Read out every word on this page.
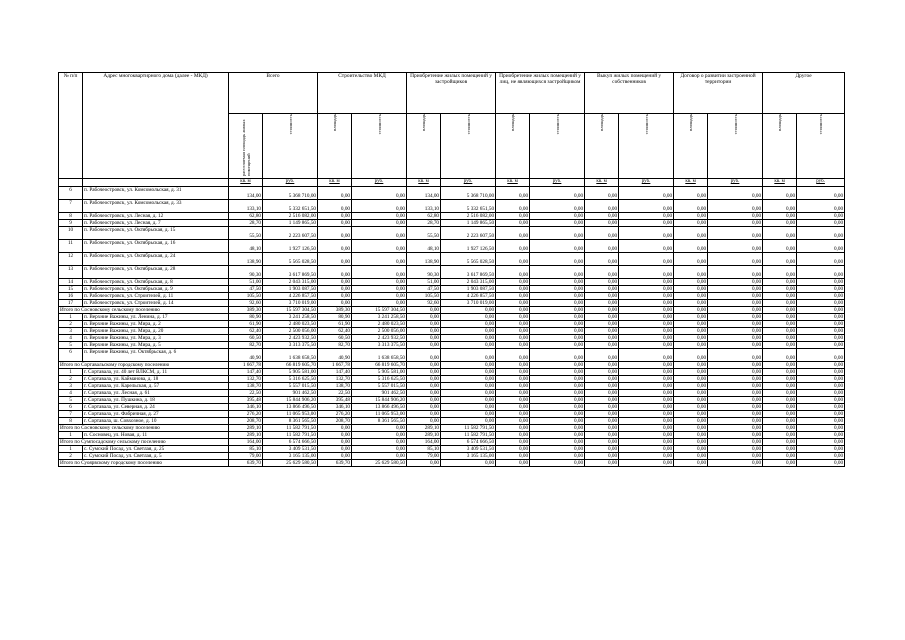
№ п/п	Адрес многоквартирного дома (далее - МКД)	Всего		Строительство МКД		Приобретение жилых помещений у застройщиков		Приобретение жилых помещений у лиц, не являющихся застройщиком		Выкуп жилых помещений у собственников		Договор о развитии застроенной территории		Другое	
		расселяемая площадь жилых помещений	стоимость	площадь	стоимость	площадь	стоимость	площадь	стоимость	площадь	стоимость	площадь	стоимость	площадь	стоимость
		кв. м	руб.	кв. м	руб.	кв. м	руб.	кв. м	руб.	кв. м	руб.	кв. м	руб.	кв. м	руб.
6	п. Рабочеостровск, ул. Комсомольская, д. 31	134,00	5 368 710,00	0,00	0,00	134,00	5 368 710,00	0,00	0,00	0,00	0,00	0,00	0,00	0,00	0,00
7	п. Рабочеостровск, ул. Комсомольская, д. 33	133,10	5 332 651,50	0,00	0,00	133,10	5 332 651,50	0,00	0,00	0,00	0,00	0,00	0,00	0,00	0,00
8	п. Рабочеостровск, ул. Лесная, д. 12	62,80	2 516 082,00	0,00	0,00	62,80	2 516 082,00	0,00	0,00	0,00	0,00	0,00	0,00	0,00	0,00
9	п. Рабочеостровск, ул. Лесная, д. 7	28,70	1 149 865,50	0,00	0,00	28,70	1 149 865,50	0,00	0,00	0,00	0,00	0,00	0,00	0,00	0,00
10	п. Рабочеостровск, ул. Октябрьская, д. 15	55,50	2 223 607,50	0,00	0,00	55,50	2 223 607,50	0,00	0,00	0,00	0,00	0,00	0,00	0,00	0,00
11	п. Рабочеостровск, ул. Октябрьская, д. 16	48,10	1 927 126,50	0,00	0,00	48,10	1 927 126,50	0,00	0,00	0,00	0,00	0,00	0,00	0,00	0,00
12	п. Рабочеостровск, ул. Октябрьская, д. 24	138,90	5 565 028,50	0,00	0,00	138,90	5 565 028,50	0,00	0,00	0,00	0,00	0,00	0,00	0,00	0,00
13	п. Рабочеостровск, ул. Октябрьская, д. 28	90,30	3 617 869,50	0,00	0,00	90,30	3 617 869,50	0,00	0,00	0,00	0,00	0,00	0,00	0,00	0,00
14	п. Рабочеостровск, ул. Октябрьская, д. 8	51,00	2 043 315,00	0,00	0,00	51,00	2 043 315,00	0,00	0,00	0,00	0,00	0,00	0,00	0,00	0,00
15	п. Рабочеостровск, ул. Октябрьская, д. 9	47,50	1 903 087,50	0,00	0,00	47,50	1 903 087,50	0,00	0,00	0,00	0,00	0,00	0,00	0,00	0,00
16	п. Рабочеостровск, ул. Строителей, д. 11	105,50	4 226 857,50	0,00	0,00	105,50	4 226 857,50	0,00	0,00	0,00	0,00	0,00	0,00	0,00	0,00
17	п. Рабочеостровск, ул. Строителей, д. 14	92,60	3 710 019,00	0,00	0,00	92,60	3 710 019,00	0,00	0,00	0,00	0,00	0,00	0,00	0,00	0,00
Итого по Сосновскому сельскому поселению		389,30	15 597 304,50	389,30	15 597 304,50	0,00	0,00	0,00	0,00	0,00	0,00	0,00	0,00	0,00	0,00
1	п. Верхние Важины, ул. Ленина, д. 17	80,90	3 241 258,50	80,90	3 241 258,50	0,00	0,00	0,00	0,00	0,00	0,00	0,00	0,00	0,00	0,00
2	п. Верхние Важины, ул. Мира, д. 2	61,90	2 480 023,50	61,90	2 480 023,50	0,00	0,00	0,00	0,00	0,00	0,00	0,00	0,00	0,00	0,00
3	п. Верхние Важины, ул. Мира, д. 20	62,40	2 500 056,00	62,40	2 500 056,00	0,00	0,00	0,00	0,00	0,00	0,00	0,00	0,00	0,00	0,00
4	п. Верхние Важины, ул. Мира, д. 3	60,50	2 423 932,50	60,50	2 423 932,50	0,00	0,00	0,00	0,00	0,00	0,00	0,00	0,00	0,00	0,00
5	п. Верхние Важины, ул. Мира, д. 5	82,70	3 313 375,50	82,70	3 313 375,50	0,00	0,00	0,00	0,00	0,00	0,00	0,00	0,00	0,00	0,00
6	п. Верхние Важины, ул. Октябрьская, д. 6	40,90	1 638 658,50	40,90	1 638 658,50	0,00	0,00	0,00	0,00	0,00	0,00	0,00	0,00	0,00	0,00
Итого по Сортавальскому городскому поселению		1 667,78	66 819 605,70	1 667,78	66 819 605,70	0,00	0,00	0,00	0,00	0,00	0,00	0,00	0,00	0,00	0,00
1	г. Сортавала, ул. 40 лет ВЛКСМ, д. 11	147,40	5 905 581,00	147,40	5 905 581,00	0,00	0,00	0,00	0,00	0,00	0,00	0,00	0,00	0,00	0,00
2	г. Сортавала, ул. Кайманова, д. 18	132,70	5 316 625,50	132,70	5 316 625,50	0,00	0,00	0,00	0,00	0,00	0,00	0,00	0,00	0,00	0,00
3	г. Сортавала, ул. Карельская, д. 57	138,70	5 557 015,50	138,70	5 557 015,50	0,00	0,00	0,00	0,00	0,00	0,00	0,00	0,00	0,00	0,00
4	г. Сортавала, ул. Лесная, д. 61	22,50	901 462,50	22,50	901 462,50	0,00	0,00	0,00	0,00	0,00	0,00	0,00	0,00	0,00	0,00
5	г. Сортавала, ул. Пушкина, д. 18	395,48	15 844 906,20	395,48	15 844 906,20	0,00	0,00	0,00	0,00	0,00	0,00	0,00	0,00	0,00	0,00
6	г. Сортавала, ул. Северная, д. 24	346,10	13 866 496,50	346,10	13 866 496,50	0,00	0,00	0,00	0,00	0,00	0,00	0,00	0,00	0,00	0,00
7	г. Сортавала, ул. Фабричная, д. 27	276,20	11 065 953,00	276,20	11 065 953,00	0,00	0,00	0,00	0,00	0,00	0,00	0,00	0,00	0,00	0,00
8	г. Сортавала, ш. Совхозное, д. 10	208,70	8 361 565,50	208,70	8 361 565,50	0,00	0,00	0,00	0,00	0,00	0,00	0,00	0,00	0,00	0,00
Итого по Сосновскому сельскому поселению		289,10	11 582 791,50	0,00	0,00	289,10	11 582 791,50	0,00	0,00	0,00	0,00	0,00	0,00	0,00	0,00
1	п. Сосновец, ул. Новая, д. 11	289,10	11 582 791,50	0,00	0,00	289,10	11 582 791,50	0,00	0,00	0,00	0,00	0,00	0,00	0,00	0,00
Итого по Сумпосадскому сельскому поселению		164,00	6 574 666,50	0,00	0,00	164,00	6 574 666,50	0,00	0,00	0,00	0,00	0,00	0,00	0,00	0,00
1	с. Сумский Посад, ул. Светлая, д. 25	85,10	3 409 531,50	0,00	0,00	85,10	3 409 531,50	0,00	0,00	0,00	0,00	0,00	0,00	0,00	0,00
2	с. Сумский Посад, ул. Светлая, д. 5	79,00	3 165 135,00	0,00	0,00	79,00	3 165 135,00	0,00	0,00	0,00	0,00	0,00	0,00	0,00	0,00
Итого по Суоярвскому городскому поселению		639,70	25 629 580,50	639,70	25 629 580,50	0,00	0,00	0,00	0,00	0,00	0,00	0,00	0,00	0,00	0,00
